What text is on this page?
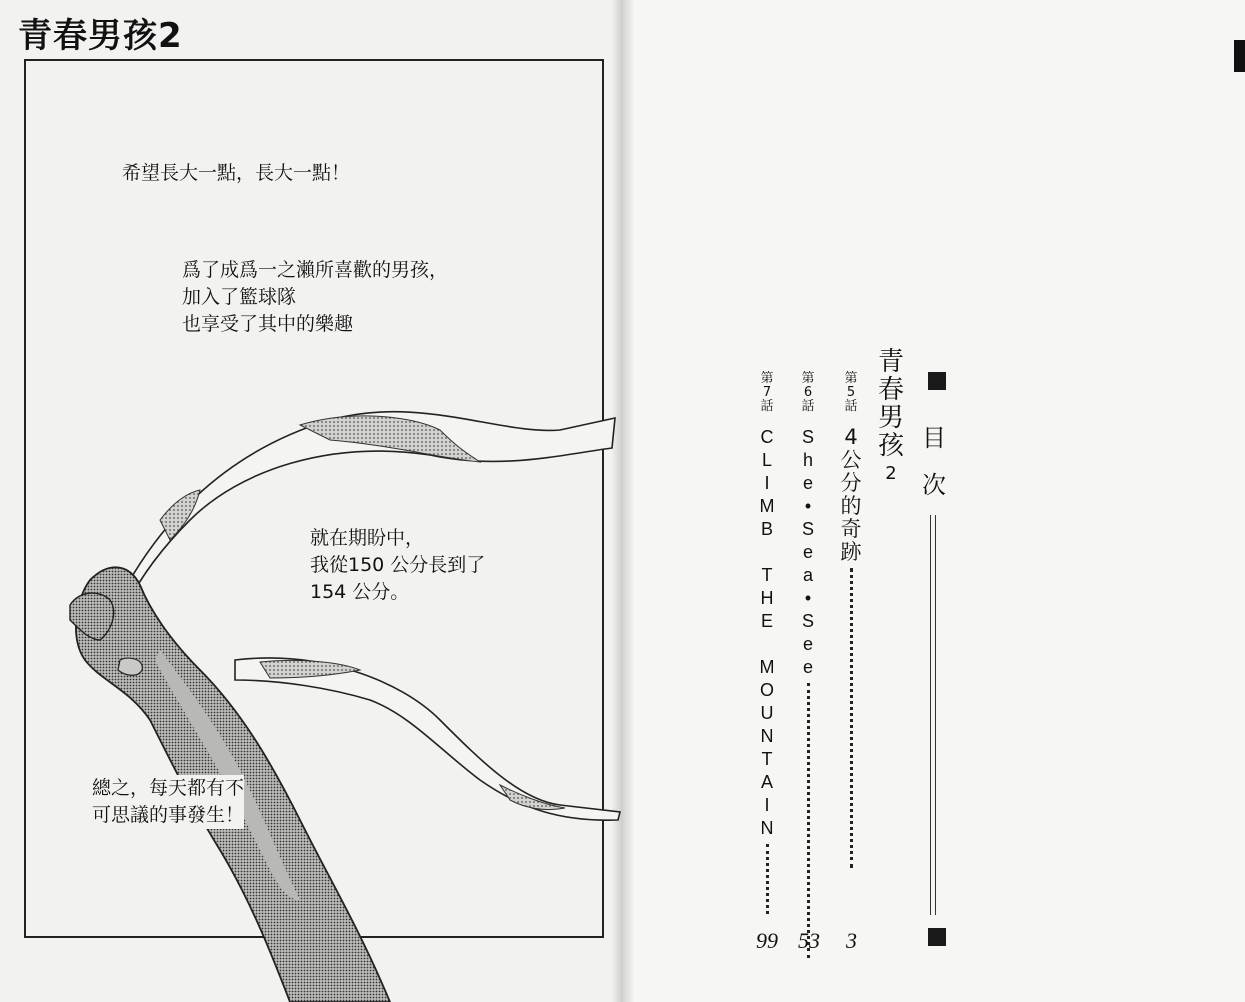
青春男孩2
希望長大一點，長大一點！
爲了成爲一之瀨所喜歡的男孩，
加入了籃球隊
也享受了其中的樂趣
就在期盼中，
我從150 公分長到了
154 公分。
總之，每天都有不
可思議的事發生！
目
次
青
春
男
孩
2
第
5
話
4
公
分
的
奇
跡
3
第
6
話
S
h
e
•
S
e
a
•
S
e
e
53
第
7
話
C
L
I
M
B

T
H
E

M
O
U
N
T
A
I
N
99
